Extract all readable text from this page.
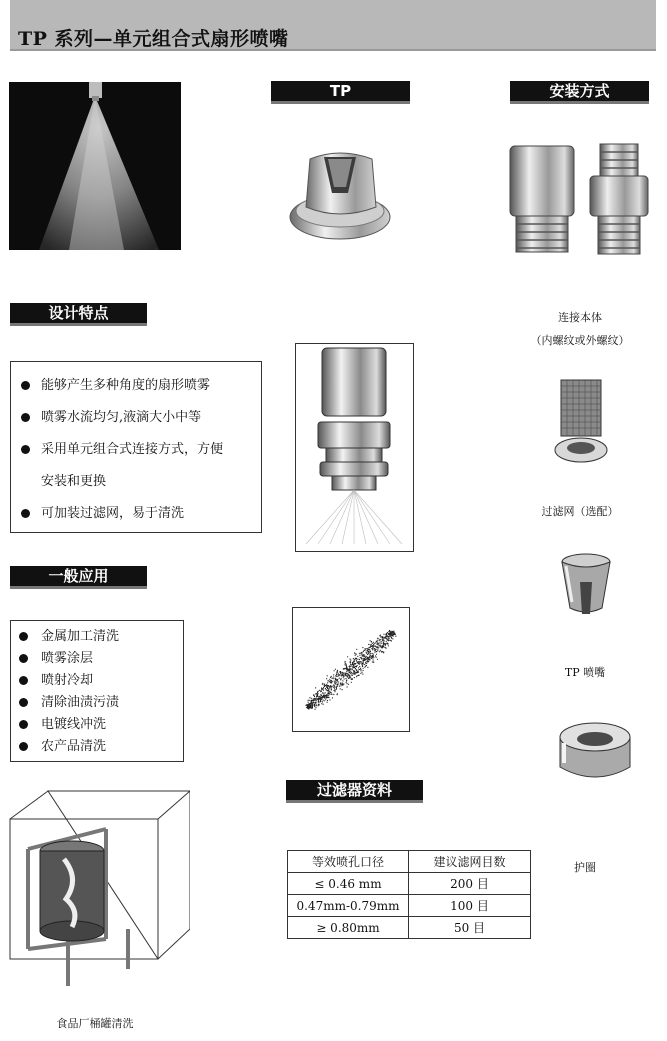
TP 系列—单元组合式扇形喷嘴
TP	安装方式
连接本体
（内螺纹或外螺纹）
设计特点
能够产生多种角度的扇形喷雾
喷雾水流均匀,液滴大小中等
采用单元组合式连接方式，方便
安装和更换
可加装过滤网，易于清洗	过滤网（选配）
一般应用
金属加工清洗
喷雾涂层
喷射冷却
清除油渍污渍
电镀线冲洗
农产品清洗
TP 喷嘴
护圈
食品厂桶罐清洗
过滤器资料
等效喷孔口径	建议滤网目数
≤ 0.46 mm	200 目
0.47mm-0.79mm	100 目
≥ 0.80mm	50 目
